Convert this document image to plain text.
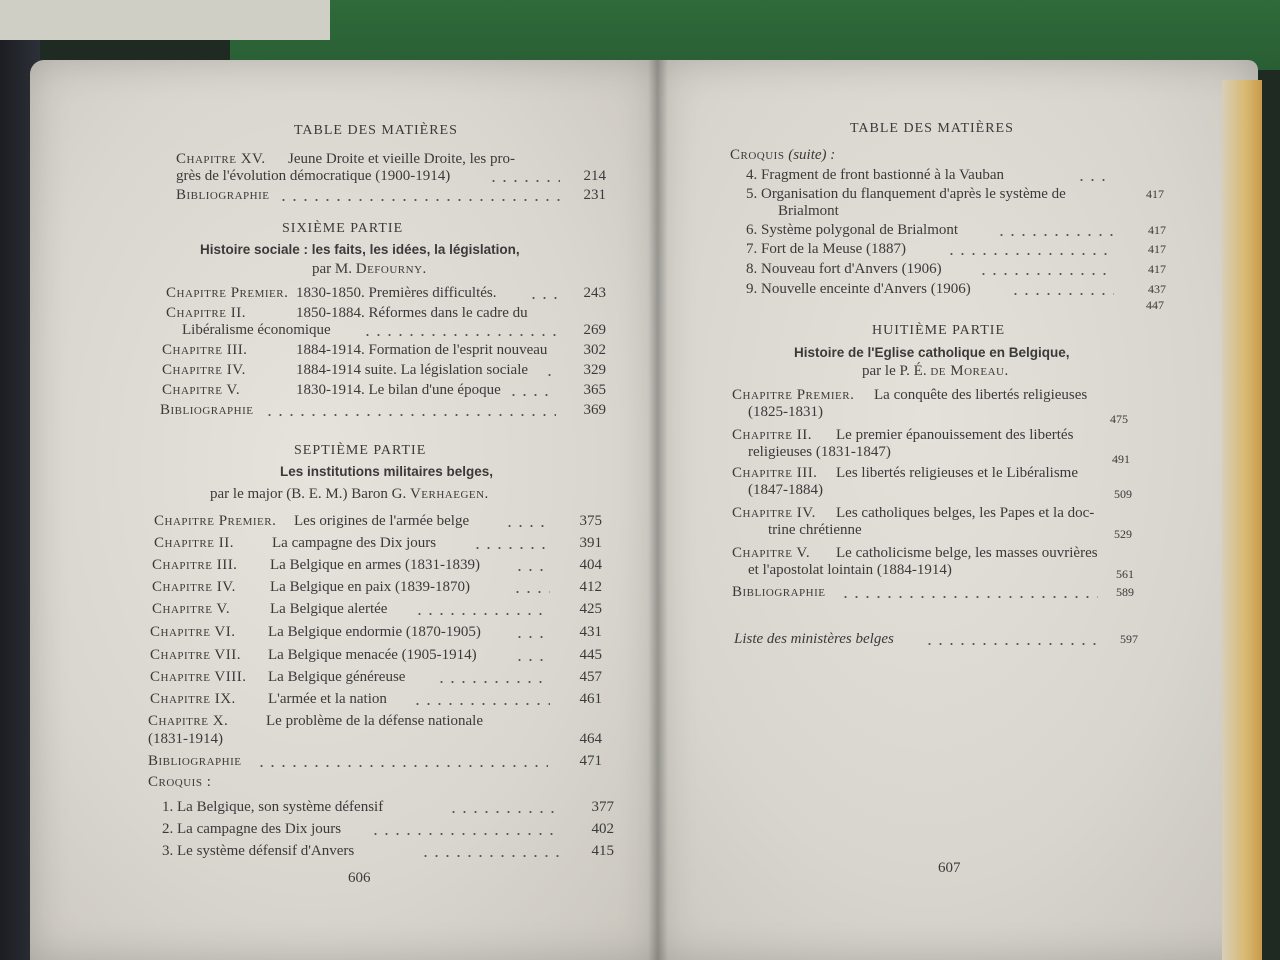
TABLE DES MATIÈRES
Chapitre XV. Jeune Droite et vieille Droite, les pro-
grès de l'évolution démocratique (1900-1914)	214
Bibliographie	231
SIXIÈME PARTIE
Histoire sociale : les faits, les idées, la législation,
par M. Defourny.
Chapitre Premier. 1830-1850. Premières difficultés.	243
Chapitre II.	1850-1884. Réformes dans le cadre du
Libéralisme économique	269
Chapitre III.	1884-1914. Formation de l'esprit nouveau	302
Chapitre IV.	1884-1914 suite. La législation sociale	329
Chapitre V.	1830-1914. Le bilan d'une époque	365
Bibliographie	369
SEPTIÈME PARTIE
Les institutions militaires belges,
par le major (B. E. M.) Baron G. Verhaegen.
Chapitre Premier. Les origines de l'armée belge	375
Chapitre II.	La campagne des Dix jours	391
Chapitre III. La Belgique en armes (1831-1839)	404
Chapitre IV. La Belgique en paix (1839-1870)	412
Chapitre V.	La Belgique alertée	425
Chapitre VI. La Belgique endormie (1870-1905)	431
Chapitre VII. La Belgique menacée (1905-1914)	445
Chapitre VIII. La Belgique généreuse	457
Chapitre IX. L'armée et la nation	461
Chapitre X.	Le problème de la défense nationale
(1831-1914)	464
Bibliographie	471
Croquis :
1. La Belgique, son système défensif	377
2. La campagne des Dix jours	402
3. Le système défensif d'Anvers	415
606
TABLE DES MATIÈRES
Croquis (suite) :
4. Fragment de front bastionné à la Vauban
5. Organisation du flanquement d'après le système de	417
Brialmont
6. Système polygonal de Brialmont	417
7. Fort de la Meuse (1887)	417
8. Nouveau fort d'Anvers (1906)	417
9. Nouvelle enceinte d'Anvers (1906)	437
447
HUITIÈME PARTIE
Histoire de l'Eglise catholique en Belgique,
par le P. É. de Moreau.
Chapitre Premier. La conquête des libertés religieuses
(1825-1831)	475
Chapitre II. Le premier épanouissement des libertés
religieuses (1831-1847)	491
Chapitre III. Les libertés religieuses et le Libéralisme
(1847-1884)	509
Chapitre IV. Les catholiques belges, les Papes et la doc-
trine chrétienne	529
Chapitre V. Le catholicisme belge, les masses ouvrières
et l'apostolat lointain (1884-1914)	561
Bibliographie	589
Liste des ministères belges	597
607
